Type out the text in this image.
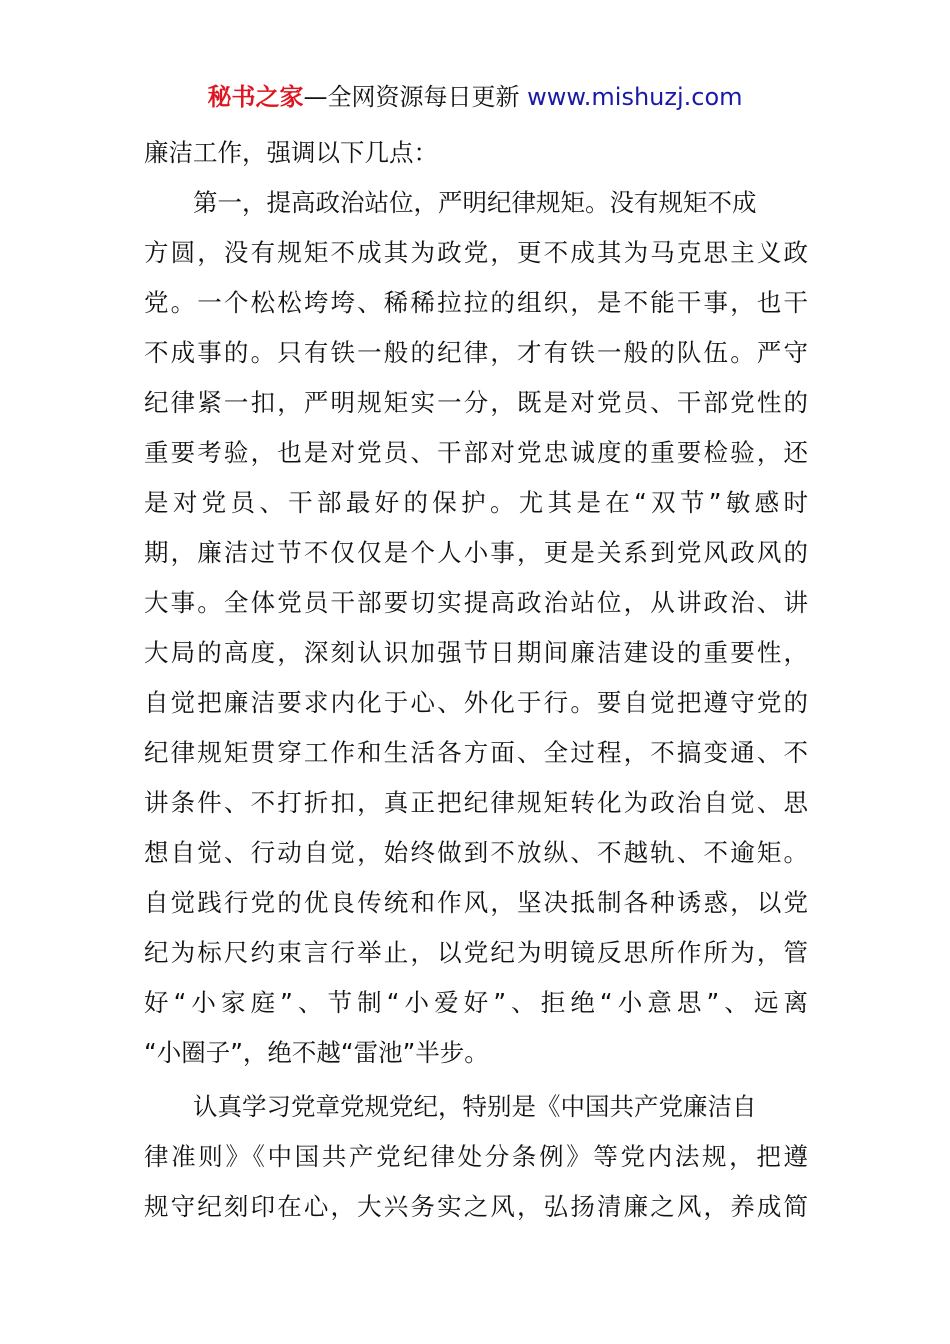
秘书之家—全网资源每日更新 www.mishuzj.com
廉洁工作，强调以下几点：
第一，提高政治站位，严明纪律规矩。没有规矩不成
方圆，没有规矩不成其为政党，更不成其为马克思主义政
党。一个松松垮垮、稀稀拉拉的组织，是不能干事，也干
不成事的。只有铁一般的纪律，才有铁一般的队伍。严守
纪律紧一扣，严明规矩实一分，既是对党员、干部党性的
重要考验，也是对党员、干部对党忠诚度的重要检验，还
是对党员、干部最好的保护。尤其是在“双节”敏感时
期，廉洁过节不仅仅是个人小事，更是关系到党风政风的
大事。全体党员干部要切实提高政治站位，从讲政治、讲
大局的高度，深刻认识加强节日期间廉洁建设的重要性，
自觉把廉洁要求内化于心、外化于行。要自觉把遵守党的
纪律规矩贯穿工作和生活各方面、全过程，不搞变通、不
讲条件、不打折扣，真正把纪律规矩转化为政治自觉、思
想自觉、行动自觉，始终做到不放纵、不越轨、不逾矩。
自觉践行党的优良传统和作风，坚决抵制各种诱惑，以党
纪为标尺约束言行举止，以党纪为明镜反思所作所为，管
好“小家庭”、节制“小爱好”、拒绝“小意思”、远离
“小圈子”，绝不越“雷池”半步。
认真学习党章党规党纪，特别是《中国共产党廉洁自
律准则》《中国共产党纪律处分条例》等党内法规，把遵
规守纪刻印在心，大兴务实之风，弘扬清廉之风，养成简
